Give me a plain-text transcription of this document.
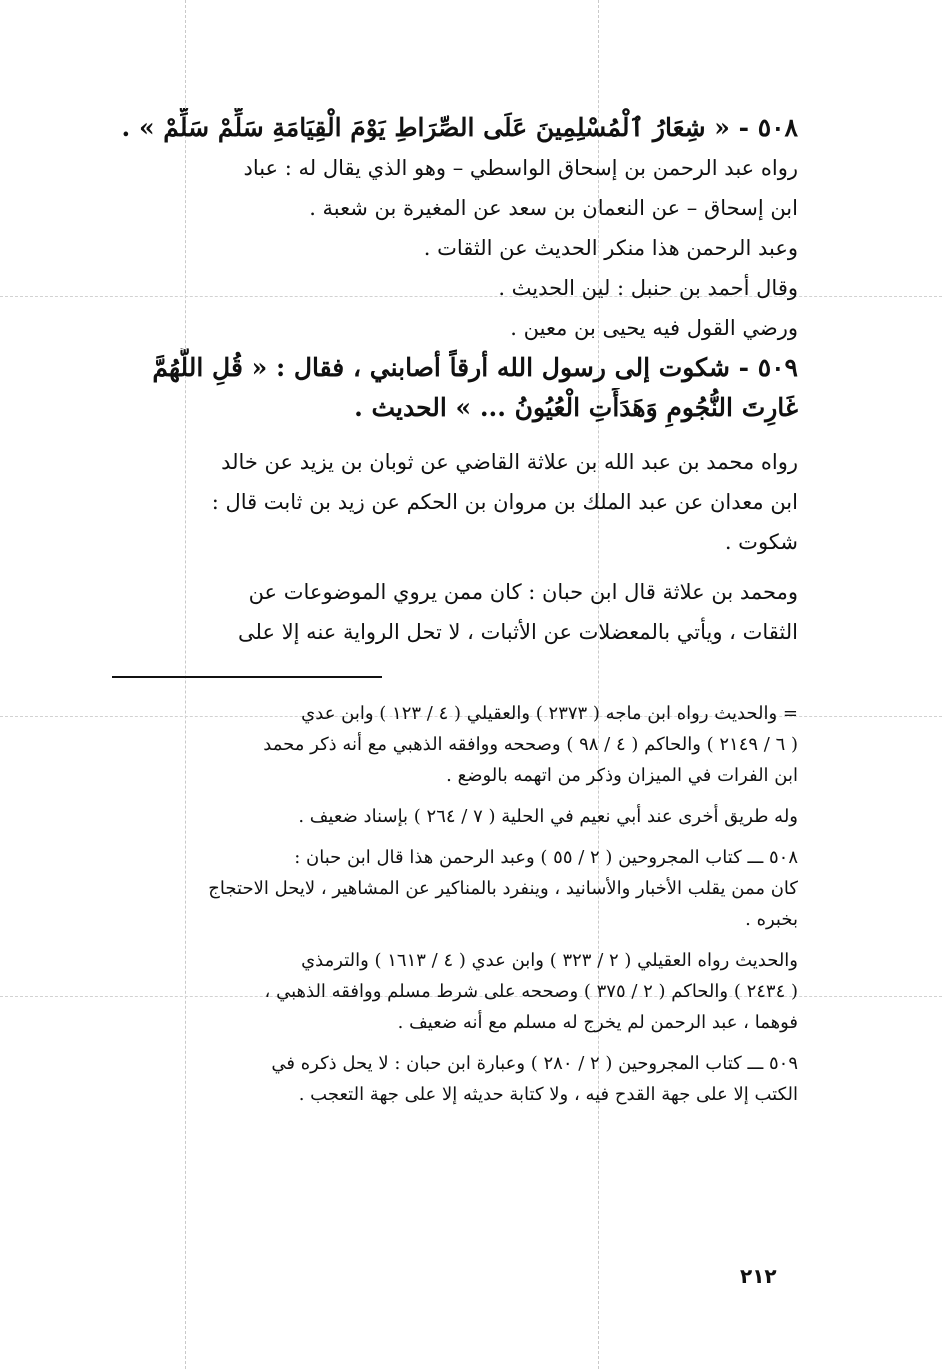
٥٠٨ - « شِعَارُ ٱلْمُسْلِمِينَ عَلَى الصِّرَاطِ يَوْمَ الْقِيَامَةِ سَلِّمْ سَلِّمْ » .
رواه عبد الرحمن بن إسحاق الواسطي – وهو الذي يقال له : عباد
ابن إسحاق – عن النعمان بن سعد عن المغيرة بن شعبة .
وعبد الرحمن هذا منكر الحديث عن الثقات .
وقال أحمد بن حنبل : لين الحديث .
ورضي القول فيه يحيى بن معين .
٥٠٩ - شكوت إلى رسول الله أرقاً أصابني ، فقال : « قُلِ اللَّهُمَّ
غَارِتَ النُّجُومِ وَهَدَأَتِ الْعُيُونُ ... » الحديث .
رواه محمد بن عبد الله بن علاثة القاضي عن ثوبان بن يزيد عن خالد
ابن معدان عن عبد الملك بن مروان بن الحكم عن زيد بن ثابت قال :
شكوت .
ومحمد بن علاثة قال ابن حبان : كان ممن يروي الموضوعات عن
الثقات ، ويأتي بالمعضلات عن الأثبات ، لا تحل الرواية عنه إلا على
= والحديث رواه ابن ماجه ( ٢٣٧٣ ) والعقيلي ( ٤ / ١٢٣ ) وابن عدي
( ٦ / ٢١٤٩ ) والحاكم ( ٤ / ٩٨ ) وصححه ووافقه الذهبي مع أنه ذكر محمد
ابن الفرات في الميزان وذكر من اتهمه بالوضع .
وله طريق أخرى عند أبي نعيم في الحلية ( ٧ / ٢٦٤ ) بإسناد ضعيف .
٥٠٨ ـــ كتاب المجروحين ( ٢ / ٥٥ ) وعبد الرحمن هذا قال ابن حبان :
كان ممن يقلب الأخبار والأسانيد ، وينفرد بالمناكير عن المشاهير ، لايحل الاحتجاج
بخبره .
والحديث رواه العقيلي ( ٢ / ٣٢٣ ) وابن عدي ( ٤ / ١٦١٣ ) والترمذي
( ٢٤٣٤ ) والحاكم ( ٢ / ٣٧٥ ) وصححه على شرط مسلم ووافقه الذهبي ،
فوهما ، عبد الرحمن لم يخرج له مسلم مع أنه ضعيف .
٥٠٩ ـــ كتاب المجروحين ( ٢ / ٢٨٠ ) وعبارة ابن حبان : لا يحل ذكره في
الكتب إلا على جهة القدح فيه ، ولا كتابة حديثه إلا على جهة التعجب .
٢١٢
